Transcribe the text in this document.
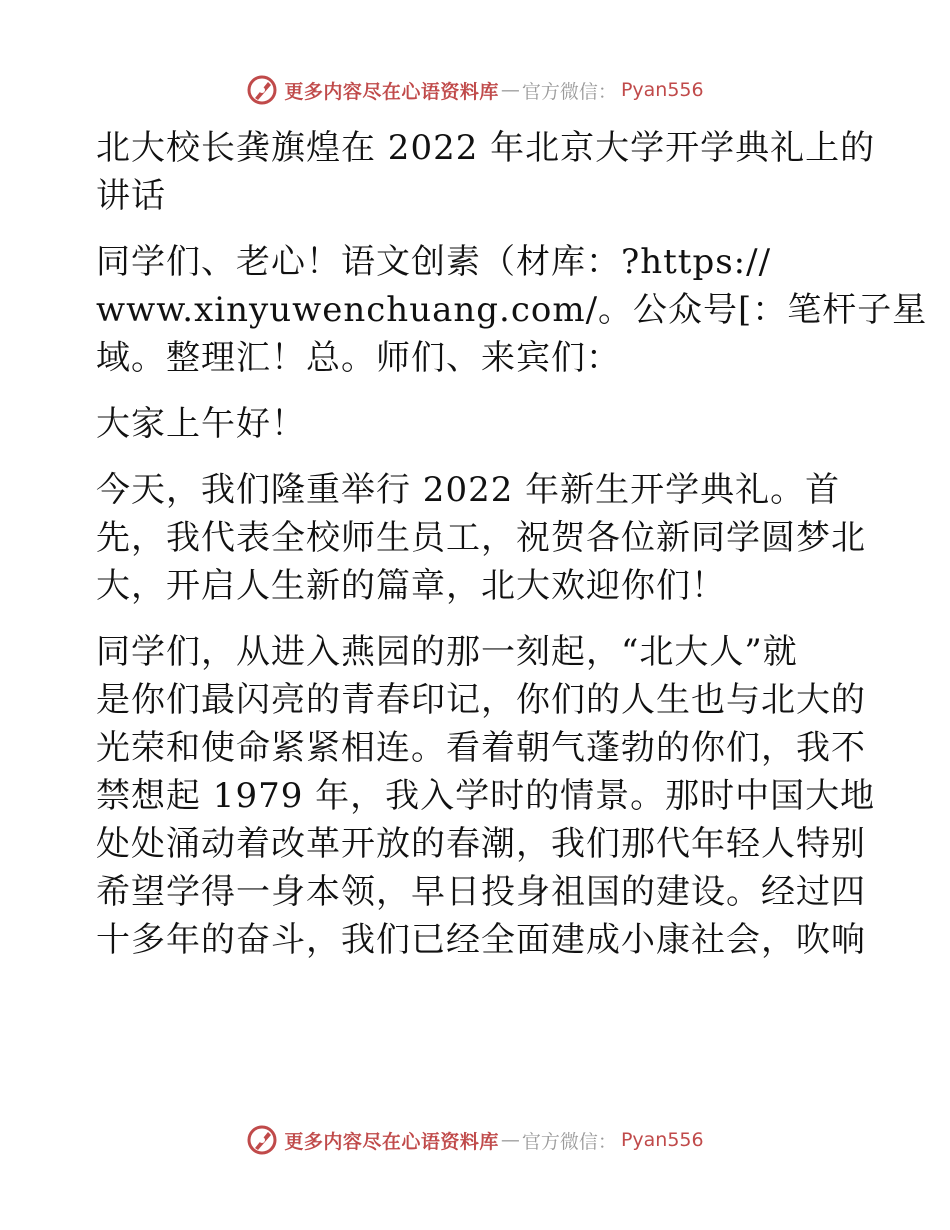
更多内容尽在心语资料库 — 官方微信： Pyan556
北大校长龚旗煌在 2022 年北京大学开学典礼上的
讲话
同学们、老心！语文创素（材库：?https://
www.xinyuwenchuang.com/。公众号[：笔杆子星
域。整理汇！总。师们、来宾们：
大家上午好！
今天，我们隆重举行 2022 年新生开学典礼。首
先，我代表全校师生员工，祝贺各位新同学圆梦北
大，开启人生新的篇章，北大欢迎你们！
同学们，从进入燕园的那一刻起，“北大人”就
是你们最闪亮的青春印记，你们的人生也与北大的
光荣和使命紧紧相连。看着朝气蓬勃的你们，我不
禁想起 1979 年，我入学时的情景。那时中国大地
处处涌动着改革开放的春潮，我们那代年轻人特别
希望学得一身本领，早日投身祖国的建设。经过四
十多年的奋斗，我们已经全面建成小康社会，吹响
更多内容尽在心语资料库 — 官方微信： Pyan556
